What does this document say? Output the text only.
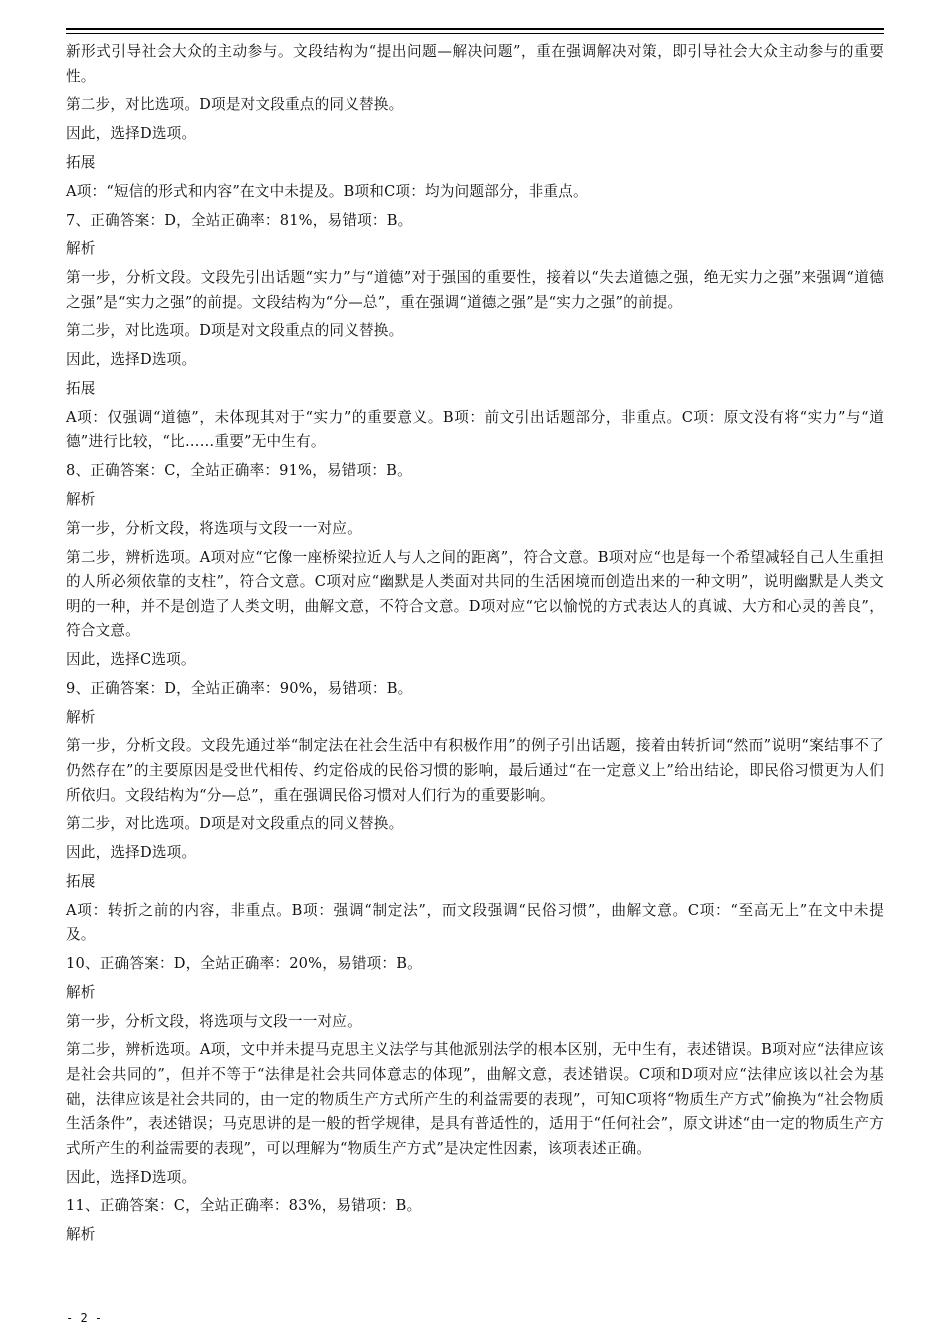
新形式引导社会大众的主动参与。文段结构为“提出问题—解决问题”，重在强调解决对策，即引导社会大众主动参与的重要性。

第二步，对比选项。D项是对文段重点的同义替换。

因此，选择D选项。

拓展

A项：“短信的形式和内容”在文中未提及。B项和C项：均为问题部分，非重点。

7、正确答案：D，全站正确率：81%，易错项：B。

解析

第一步，分析文段。文段先引出话题“实力”与“道德”对于强国的重要性，接着以“失去道德之强，绝无实力之强”来强调“道德之强”是“实力之强”的前提。文段结构为“分—总”，重在强调“道德之强”是“实力之强”的前提。

第二步，对比选项。D项是对文段重点的同义替换。

因此，选择D选项。

拓展

A项：仅强调“道德”，未体现其对于“实力”的重要意义。B项：前文引出话题部分，非重点。C项：原文没有将“实力”与“道德”进行比较，“比……重要”无中生有。

8、正确答案：C，全站正确率：91%，易错项：B。

解析

第一步，分析文段，将选项与文段一一对应。

第二步，辨析选项。A项对应“它像一座桥梁拉近人与人之间的距离”，符合文意。B项对应“也是每一个希望减轻自己人生重担的人所必须依靠的支柱”，符合文意。C项对应“幽默是人类面对共同的生活困境而创造出来的一种文明”，说明幽默是人类文明的一种，并不是创造了人类文明，曲解文意，不符合文意。D项对应“它以愉悦的方式表达人的真诚、大方和心灵的善良”，符合文意。

因此，选择C选项。

9、正确答案：D，全站正确率：90%，易错项：B。

解析

第一步，分析文段。文段先通过举“制定法在社会生活中有积极作用”的例子引出话题，接着由转折词“然而”说明“案结事不了仍然存在”的主要原因是受世代相传、约定俗成的民俗习惯的影响，最后通过“在一定意义上”给出结论，即民俗习惯更为人们所依归。文段结构为“分—总”，重在强调民俗习惯对人们行为的重要影响。

第二步，对比选项。D项是对文段重点的同义替换。

因此，选择D选项。

拓展

A项：转折之前的内容，非重点。B项：强调“制定法”，而文段强调“民俗习惯”，曲解文意。C项：“至高无上”在文中未提及。

10、正确答案：D，全站正确率：20%，易错项：B。

解析

第一步，分析文段，将选项与文段一一对应。

第二步，辨析选项。A项，文中并未提马克思主义法学与其他派别法学的根本区别，无中生有，表述错误。B项对应“法律应该是社会共同的”，但并不等于“法律是社会共同体意志的体现”，曲解文意，表述错误。C项和D项对应“法律应该以社会为基础，法律应该是社会共同的，由一定的物质生产方式所产生的利益需要的表现”，可知C项将“物质生产方式”偷换为“社会物质生活条件”，表述错误；马克思讲的是一般的哲学规律，是具有普适性的，适用于“任何社会”，原文讲述“由一定的物质生产方式所产生的利益需要的表现”，可以理解为“物质生产方式”是决定性因素，该项表述正确。

因此，选择D选项。

11、正确答案：C，全站正确率：83%，易错项：B。

解析

- 2 -
